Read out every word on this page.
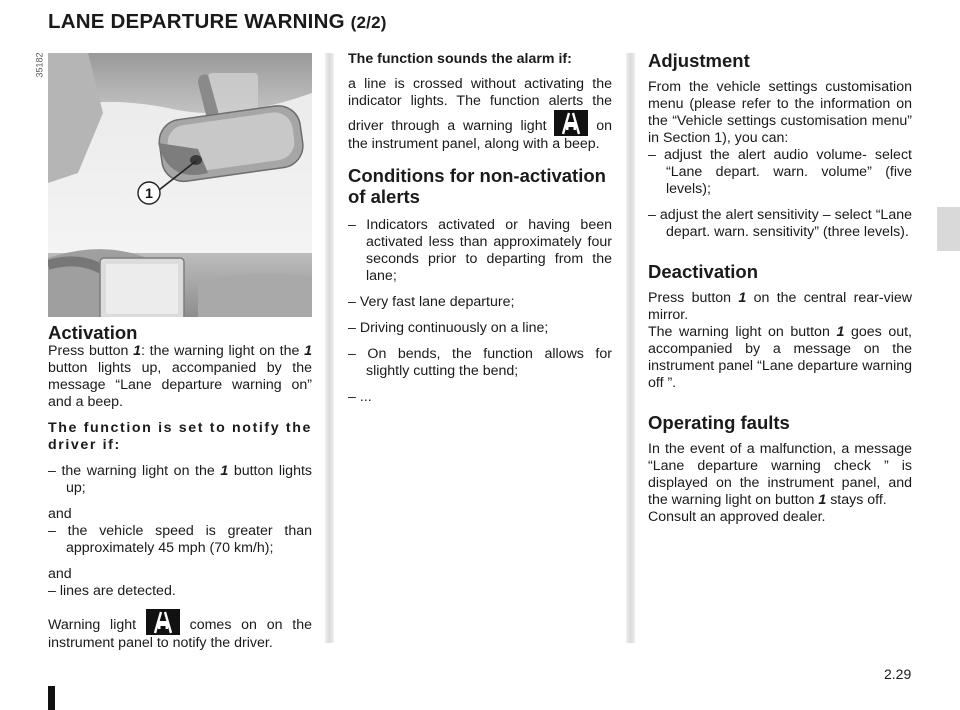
LANE DEPARTURE WARNING (2/2)
35182
1
Activation

Press button 1: the warning light on the 1 button lights up, accompanied by the message “Lane departure warning on” and a beep.

The function is set to notify the driver if:

– the warning light on the 1 button lights up;

and

– the vehicle speed is greater than approximately 45 mph (70 km/h);

and

– lines are detected.

Warning light	comes on on the instrument panel to notify the driver.

The function sounds the alarm if:

a line is crossed without activating the indicator lights. The function alerts the driver through a warning light	on the instrument panel, along with a beep.

Conditions for non-activation of alerts

– Indicators activated or having been activated less than approximately four seconds prior to departing from the lane;

– Very fast lane departure;

– Driving continuously on a line;

– On bends, the function allows for slightly cutting the bend;

– ...

Adjustment

From the vehicle settings customisation menu (please refer to the information on the “Vehicle settings customisation menu” in Section 1), you can:

– adjust the alert audio volume- select “Lane depart. warn. volume” (five levels);

– adjust the alert sensitivity – select “Lane depart. warn. sensitivity” (three levels).

Deactivation

Press button 1 on the central rear-view mirror.

The warning light on button 1 goes out, accompanied by a message on the instrument panel “Lane departure warning off ”.

Operating faults

In the event of a malfunction, a message “Lane departure warning check ” is displayed on the instrument panel, and the warning light on button 1 stays off.

Consult an approved dealer.

2.29
